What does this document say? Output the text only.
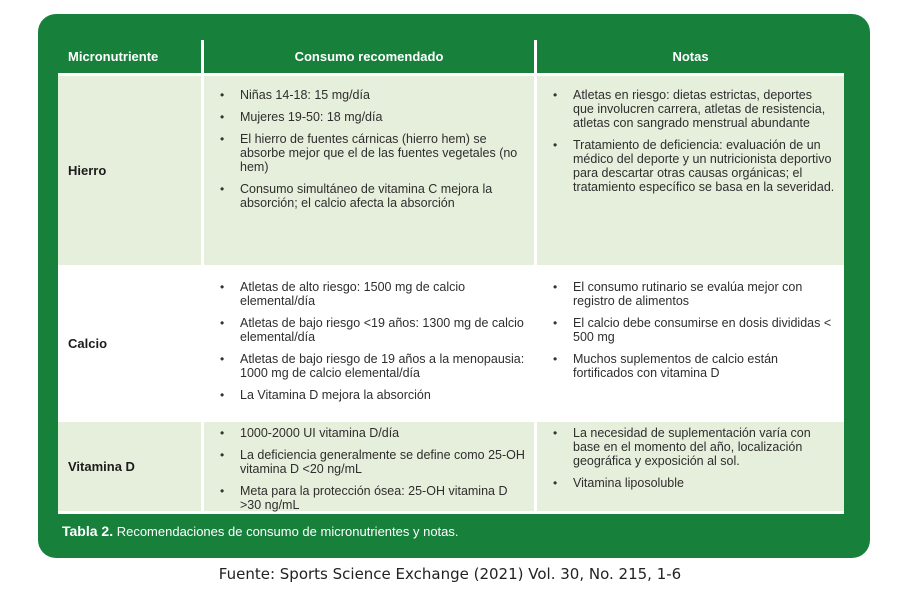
Micronutriente	Consumo recomendado	Notas
Hierro
• Niñas 14-18: 15 mg/día
• Mujeres 19-50: 18 mg/día
• El hierro de fuentes cárnicas (hierro hem) se absorbe mejor que el de las fuentes vegetales (no hem)
• Consumo simultáneo de vitamina C mejora la absorción; el calcio afecta la absorción
• Atletas en riesgo: dietas estrictas, deportes que involucren carrera, atletas de resistencia, atletas con sangrado menstrual abundante
• Tratamiento de deficiencia: evaluación de un médico del deporte y un nutricionista deportivo para descartar otras causas orgánicas; el tratamiento específico se basa en la severidad.
Calcio
• Atletas de alto riesgo: 1500 mg de calcio elemental/día
• Atletas de bajo riesgo <19 años: 1300 mg de calcio elemental/día
• Atletas de bajo riesgo de 19 años a la menopausia: 1000 mg de calcio elemental/día
• La Vitamina D mejora la absorción
• El consumo rutinario se evalúa mejor con registro de alimentos
• El calcio debe consumirse en dosis divididas < 500 mg
• Muchos suplementos de calcio están fortificados con vitamina D
Vitamina D
• 1000-2000 UI vitamina D/día
• La deficiencia generalmente se define como 25-OH vitamina D <20 ng/mL
• Meta para la protección ósea: 25-OH vitamina D >30 ng/mL
• La necesidad de suplementación varía con base en el momento del año, localización geográfica y exposición al sol.
• Vitamina liposoluble
Tabla 2. Recomendaciones de consumo de micronutrientes y notas.
Fuente: Sports Science Exchange (2021) Vol. 30, No. 215, 1-6
